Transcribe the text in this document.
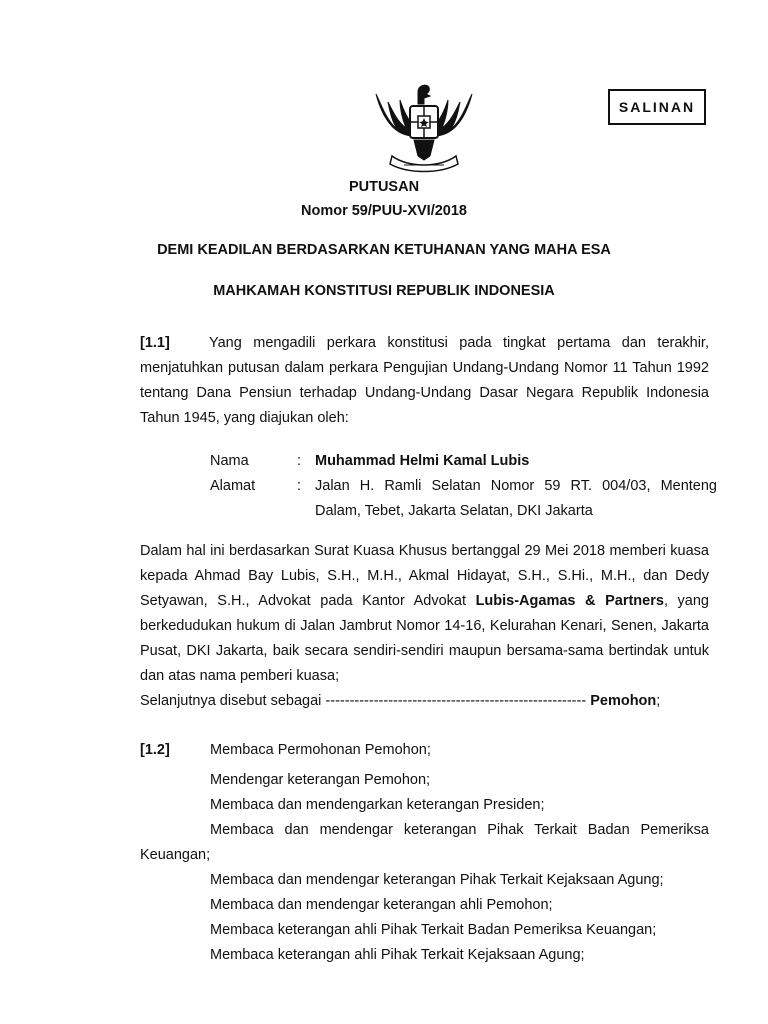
SALINAN
PUTUSAN
Nomor 59/PUU-XVI/2018
DEMI KEADILAN BERDASARKAN KETUHANAN YANG MAHA ESA
MAHKAMAH KONSTITUSI REPUBLIK INDONESIA

[1.1]	Yang mengadili perkara konstitusi pada tingkat pertama dan terakhir, menjatuhkan putusan dalam perkara Pengujian Undang-Undang Nomor 11 Tahun 1992 tentang Dana Pensiun terhadap Undang-Undang Dasar Negara Republik Indonesia Tahun 1945, yang diajukan oleh:

Nama	: Muhammad Helmi Kamal Lubis
Alamat	: Jalan H. Ramli Selatan Nomor 59 RT. 004/03, Menteng Dalam, Tebet, Jakarta Selatan, DKI Jakarta

Dalam hal ini berdasarkan Surat Kuasa Khusus bertanggal 29 Mei 2018 memberi kuasa kepada Ahmad Bay Lubis, S.H., M.H., Akmal Hidayat, S.H., S.Hi., M.H., dan Dedy Setyawan, S.H., Advokat pada Kantor Advokat Lubis-Agamas & Partners, yang berkedudukan hukum di Jalan Jambrut Nomor 14-16, Kelurahan Kenari, Senen, Jakarta Pusat, DKI Jakarta, baik secara sendiri-sendiri maupun bersama-sama bertindak untuk dan atas nama pemberi kuasa;

Selanjutnya disebut sebagai ------------------------------------------------------ Pemohon;
[1.2]	Membaca Permohonan Pemohon;
Mendengar keterangan Pemohon;
Membaca dan mendengarkan keterangan Presiden;
Membaca dan mendengar keterangan Pihak Terkait Badan Pemeriksa
Keuangan;
Membaca dan mendengar keterangan Pihak Terkait Kejaksaan Agung;
Membaca dan mendengar keterangan ahli Pemohon;
Membaca keterangan ahli Pihak Terkait Badan Pemeriksa Keuangan;
Membaca keterangan ahli Pihak Terkait Kejaksaan Agung;
